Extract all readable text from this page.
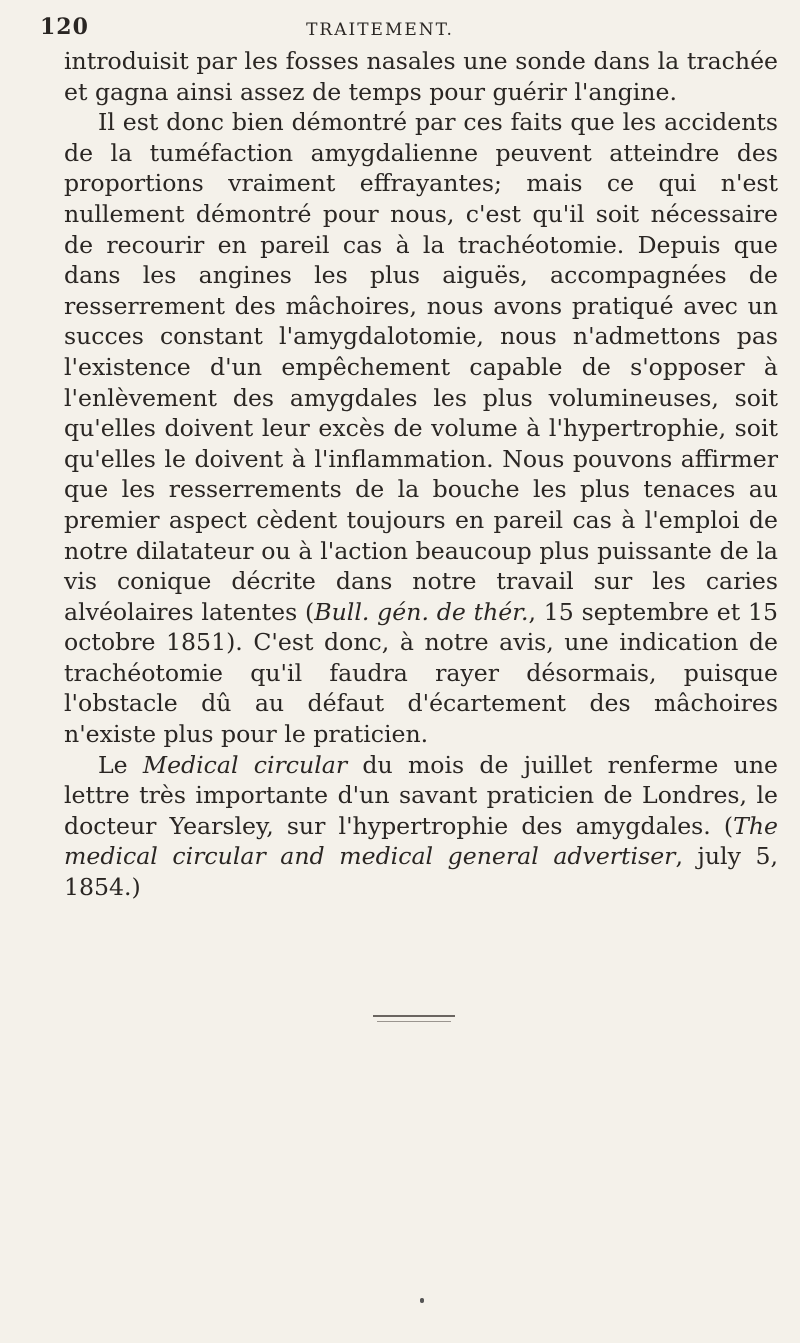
120	TRAITEMENT.

introduisit par les fosses nasales une sonde dans la trachée et gagna ainsi assez de temps pour guérir l'angine.

Il est donc bien démontré par ces faits que les accidents de la tuméfaction amygdalienne peuvent atteindre des proportions vraiment effrayantes; mais ce qui n'est nullement démontré pour nous, c'est qu'il soit nécessaire de recourir en pareil cas à la trachéotomie. Depuis que dans les angines les plus aiguës, accompagnées de resserrement des mâchoires, nous avons pratiqué avec un succes constant l'amygdalotomie, nous n'admettons pas l'existence d'un empêchement capable de s'opposer à l'enlèvement des amygdales les plus volumineuses, soit qu'elles doivent leur excès de volume à l'hypertrophie, soit qu'elles le doivent à l'inflammation. Nous pouvons affirmer que les resserrements de la bouche les plus tenaces au premier aspect cèdent toujours en pareil cas à l'emploi de notre dilatateur ou à l'action beaucoup plus puissante de la vis conique décrite dans notre travail sur les caries alvéolaires latentes (Bull. gén. de thér., 15 septembre et 15 octobre 1851). C'est donc, à notre avis, une indication de trachéotomie qu'il faudra rayer désormais, puisque l'obstacle dû au défaut d'écartement des mâchoires n'existe plus pour le praticien.

Le Medical circular du mois de juillet renferme une lettre très importante d'un savant praticien de Londres, le docteur Yearsley, sur l'hypertrophie des amygdales. (The medical circular and medical general advertiser, july 5, 1854.)
